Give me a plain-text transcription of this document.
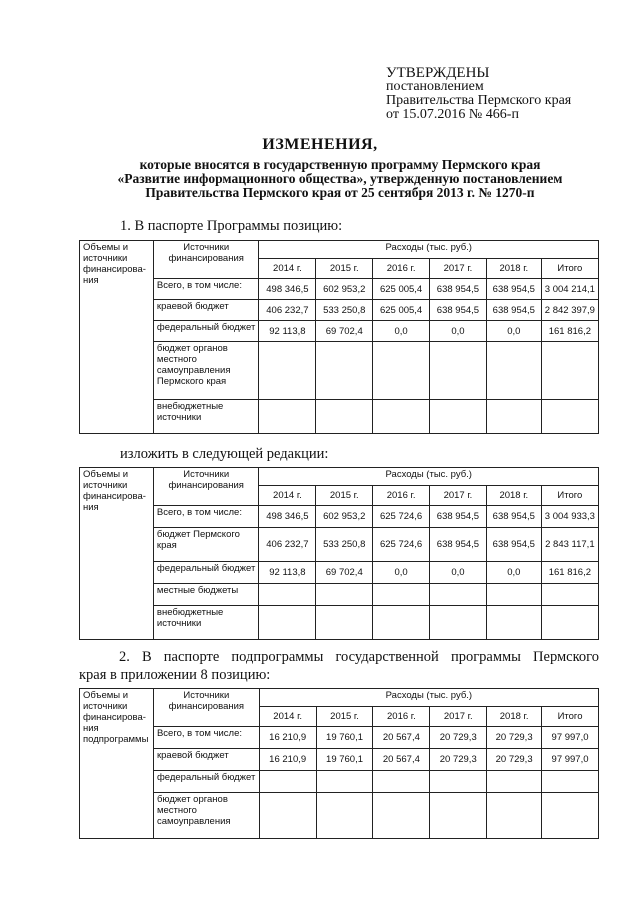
УТВЕРЖДЕНЫ
постановлением
Правительства Пермского края
от 15.07.2016 № 466-п
ИЗМЕНЕНИЯ,
которые вносятся в государственную программу Пермского края
«Развитие информационного общества», утвержденную постановлением
Правительства Пермского края от 25 сентября 2013 г. № 1270-п
1. В паспорте Программы позицию:
Объемы и источники финансирова-ния	Источники финансирования	Расходы (тыс. руб.)					
		2014 г.	2015 г.	2016 г.	2017 г.	2018 г.	Итого
	Всего, в том числе:	498 346,5	602 953,2	625 005,4	638 954,5	638 954,5	3 004 214,1
	краевой бюджет	406 232,7	533 250,8	625 005,4	638 954,5	638 954,5	2 842 397,9
	федеральный бюджет	92 113,8	69 702,4	0,0	0,0	0,0	161 816,2
	бюджет органов местного самоуправления Пермского края						
	внебюджетные источники						
изложить в следующей редакции:
Объемы и источники финансирова-ния	Источники финансирования	Расходы (тыс. руб.)					
		2014 г.	2015 г.	2016 г.	2017 г.	2018 г.	Итого
	Всего, в том числе:	498 346,5	602 953,2	625 724,6	638 954,5	638 954,5	3 004 933,3
	бюджет Пермского края	406 232,7	533 250,8	625 724,6	638 954,5	638 954,5	2 843 117,1
	федеральный бюджет	92 113,8	69 702,4	0,0	0,0	0,0	161 816,2
	местные бюджеты						
	внебюджетные источники						
2. В паспорте подпрограммы государственной программы Пермского
края в приложении 8 позицию:
Объемы и источники финансирова-ния подпрограммы	Источники финансирования	Расходы (тыс. руб.)					
		2014 г.	2015 г.	2016 г.	2017 г.	2018 г.	Итого
	Всего, в том числе:	16 210,9	19 760,1	20 567,4	20 729,3	20 729,3	97 997,0
	краевой бюджет	16 210,9	19 760,1	20 567,4	20 729,3	20 729,3	97 997,0
	федеральный бюджет						
	бюджет органов местного самоуправления						
